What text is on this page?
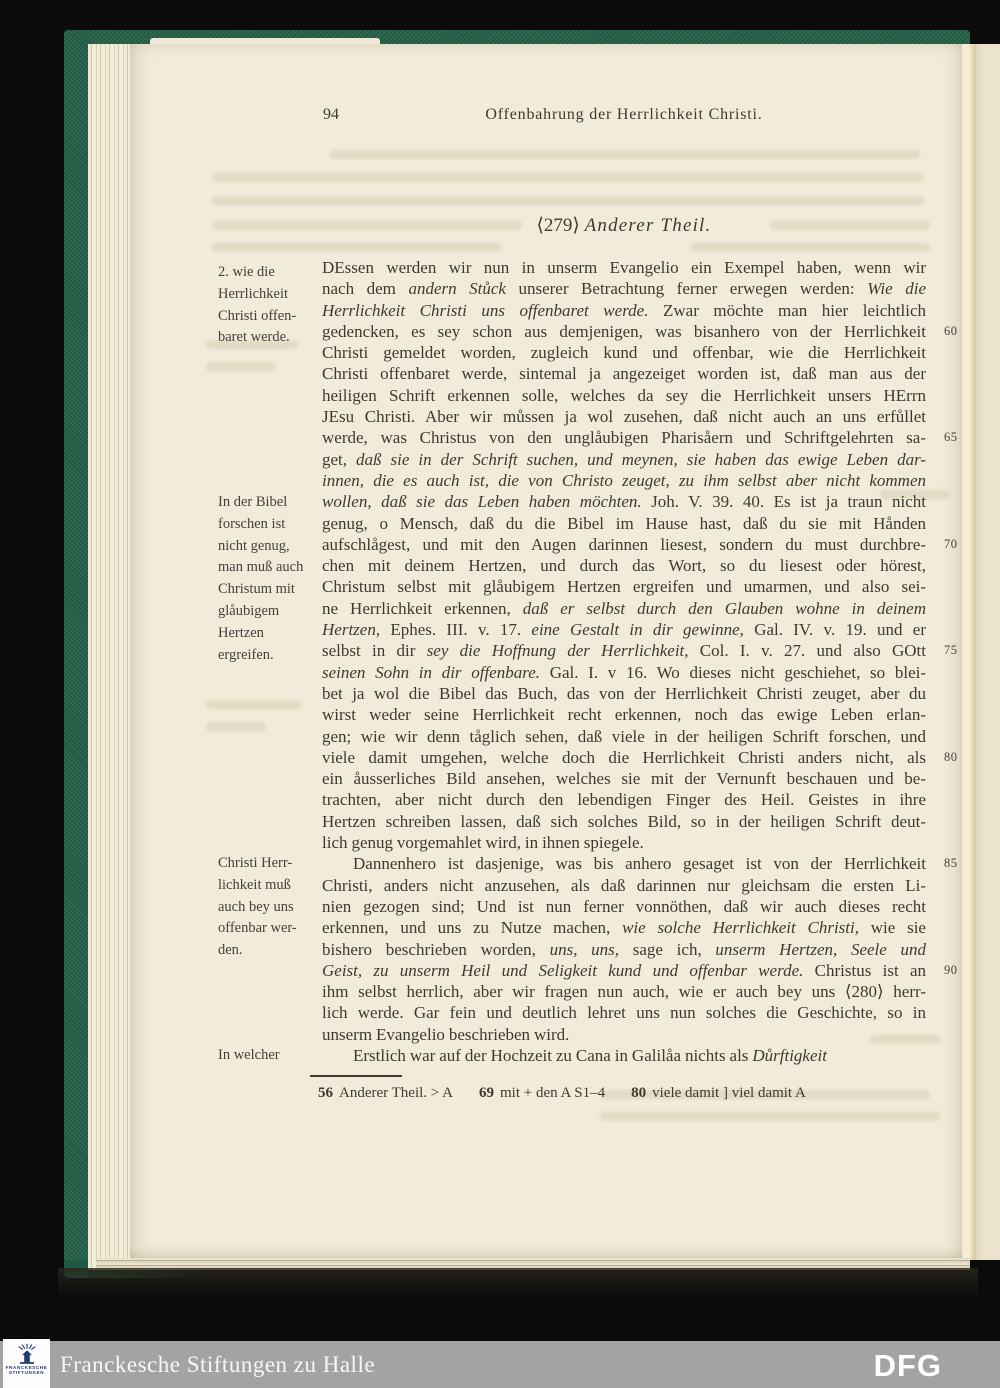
94	Offenbahrung der Herrlichkeit Christi.
⟨279⟩ Anderer Theil.
2. wie die
Herrlichkeit
Christi offen-
baret werde.
In der Bibel
forschen ist
nicht genug,
man muß auch
Christum mit
glåubigem
Hertzen
ergreifen.
Christi Herr-
lichkeit muß
auch bey uns
offenbar wer-
den.
In welcher
DEssen werden wir nun in unserm Evangelio ein Exempel haben, wenn wir
nach dem andern Stůck unserer Betrachtung ferner erwegen werden: Wie die
Herrlichkeit Christi uns offenbaret werde. Zwar möchte man hier leichtlich
gedencken, es sey schon aus demjenigen, was bisanhero von der Herrlichkeit 60
Christi gemeldet worden, zugleich kund und offenbar, wie die Herrlichkeit
Christi offenbaret werde, sintemal ja angezeiget worden ist, daß man aus der
heiligen Schrift erkennen solle, welches da sey die Herrlichkeit unsers HErrn
JEsu Christi. Aber wir můssen ja wol zusehen, daß nicht auch an uns erfůllet
werde, was Christus von den unglåubigen Pharisåern und Schriftgelehrten sa- 65
get, daß sie in der Schrift suchen, und meynen, sie haben das ewige Leben dar-
innen, die es auch ist, die von Christo zeuget, zu ihm selbst aber nicht kommen
wollen, daß sie das Leben haben möchten. Joh. V. 39. 40. Es ist ja traun nicht
genug, o Mensch, daß du die Bibel im Hause hast, daß du sie mit Hånden
aufschlågest, und mit den Augen darinnen liesest, sondern du must durchbre- 70
chen mit deinem Hertzen, und durch das Wort, so du liesest oder hörest,
Christum selbst mit glåubigem Hertzen ergreifen und umarmen, und also sei-
ne Herrlichkeit erkennen, daß er selbst durch den Glauben wohne in deinem
Hertzen, Ephes. III. v. 17. eine Gestalt in dir gewinne, Gal. IV. v. 19. und er
selbst in dir sey die Hoffnung der Herrlichkeit, Col. I. v. 27. und also GOtt 75
seinen Sohn in dir offenbare. Gal. I. v 16. Wo dieses nicht geschiehet, so blei-
bet ja wol die Bibel das Buch, das von der Herrlichkeit Christi zeuget, aber du
wirst weder seine Herrlichkeit recht erkennen, noch das ewige Leben erlan-
gen; wie wir denn tåglich sehen, daß viele in der heiligen Schrift forschen, und
viele damit umgehen, welche doch die Herrlichkeit Christi anders nicht, als 80
ein åusserliches Bild ansehen, welches sie mit der Vernunft beschauen und be-
trachten, aber nicht durch den lebendigen Finger des Heil. Geistes in ihre
Hertzen schreiben lassen, daß sich solches Bild, so in der heiligen Schrift deut-
lich genug vorgemahlet wird, in ihnen spiegele.
Dannenhero ist dasjenige, was bis anhero gesaget ist von der Herrlichkeit 85
Christi, anders nicht anzusehen, als daß darinnen nur gleichsam die ersten Li-
nien gezogen sind; Und ist nun ferner vonnöthen, daß wir auch dieses recht
erkennen, und uns zu Nutze machen, wie solche Herrlichkeit Christi, wie sie
bishero beschrieben worden, uns, uns, sage ich, unserm Hertzen, Seele und
Geist, zu unserm Heil und Seligkeit kund und offenbar werde. Christus ist an 90
ihm selbst herrlich, aber wir fragen nun auch, wie er auch bey uns ⟨280⟩ herr-
lich werde. Gar fein und deutlich lehret uns nun solches die Geschichte, so in
unserm Evangelio beschrieben wird.
Erstlich war auf der Hochzeit zu Cana in Galilåa nichts als Důrftigkeit
56 Anderer Theil. > A 69 mit + den A S1–4 80 viele damit ] viel damit A
FRANCKESCHE
STIFTUNGEN Franckesche Stiftungen zu Halle	DFG
